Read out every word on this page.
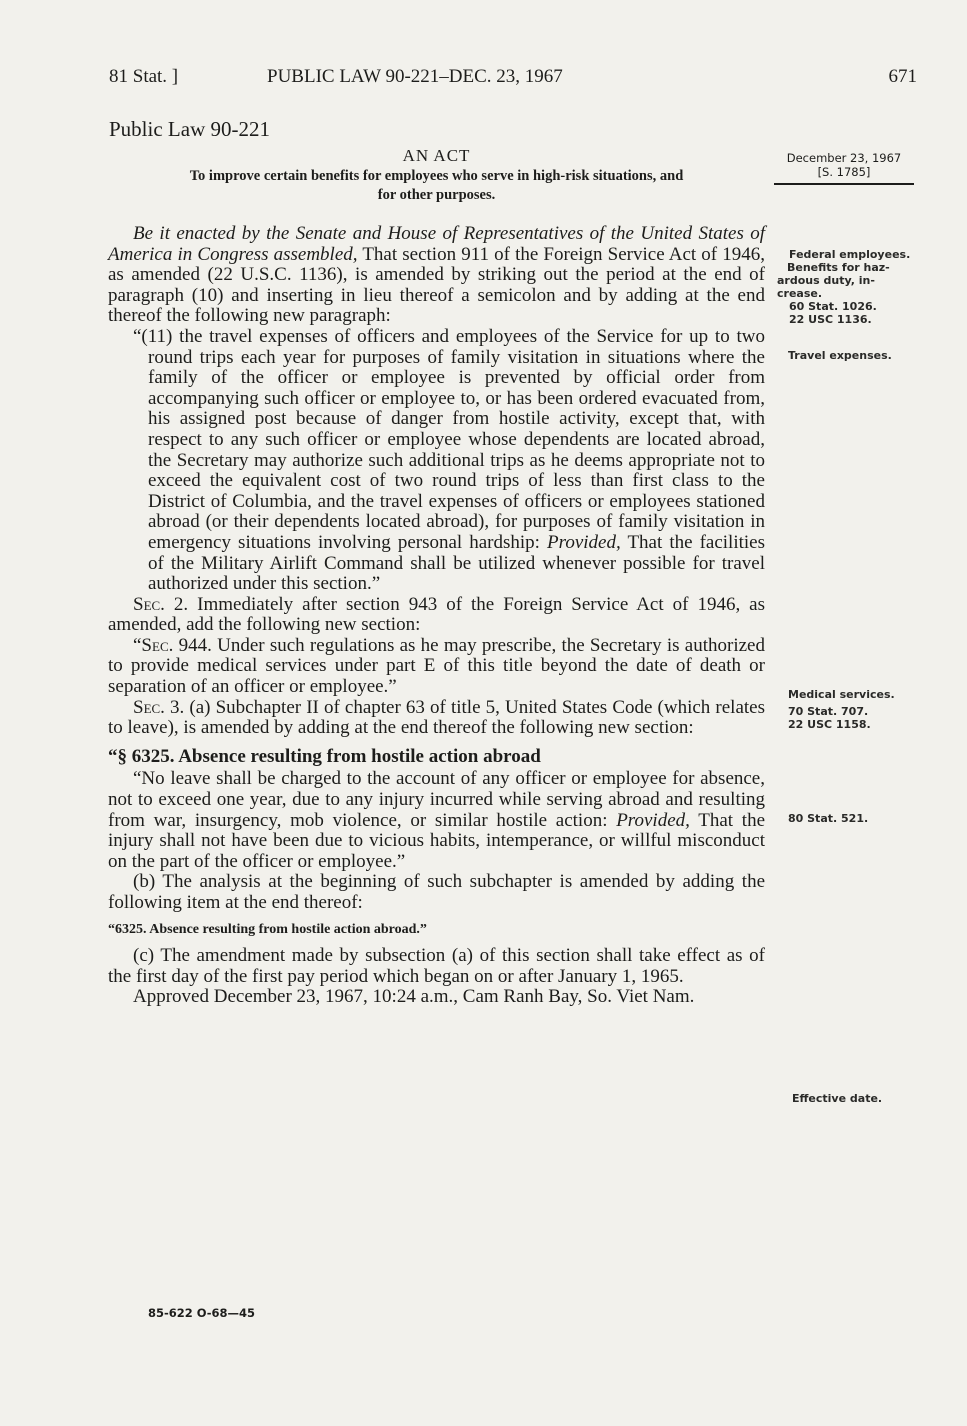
81 Stat. ]	PUBLIC LAW 90-221–DEC. 23, 1967	671
Public Law 90-221
AN ACT
To improve certain benefits for employees who serve in high-risk situations, and
for other purposes.
December 23, 1967
[S. 1785]

Be it enacted by the Senate and House of Representatives of the United States of America in Congress assembled, That section 911 of the Foreign Service Act of 1946, as amended (22 U.S.C. 1136), is amended by striking out the period at the end of paragraph (10) and inserting in lieu thereof a semicolon and by adding at the end thereof the following new paragraph:

“(11) the travel expenses of officers and employees of the Service for up to two round trips each year for purposes of family visitation in situations where the family of the officer or employee is prevented by official order from accompanying such officer or employee to, or has been ordered evacuated from, his assigned post because of danger from hostile activity, except that, with respect to any such officer or employee whose dependents are located abroad, the Secretary may authorize such additional trips as he deems appropriate not to exceed the equivalent cost of two round trips of less than first class to the District of Columbia, and the travel expenses of officers or employees stationed abroad (or their dependents located abroad), for purposes of family visitation in emergency situations involving personal hardship: Provided, That the facilities of the Military Airlift Command shall be utilized whenever possible for travel authorized under this section.”

Sec. 2. Immediately after section 943 of the Foreign Service Act of 1946, as amended, add the following new section:

“Sec. 944. Under such regulations as he may prescribe, the Secretary is authorized to provide medical services under part E of this title beyond the date of death or separation of an officer or employee.”

Sec. 3. (a) Subchapter II of chapter 63 of title 5, United States Code (which relates to leave), is amended by adding at the end thereof the following new section:

“§ 6325. Absence resulting from hostile action abroad

“No leave shall be charged to the account of any officer or employee for absence, not to exceed one year, due to any injury incurred while serving abroad and resulting from war, insurgency, mob violence, or similar hostile action: Provided, That the injury shall not have been due to vicious habits, intemperance, or willful misconduct on the part of the officer or employee.”

(b) The analysis at the beginning of such subchapter is amended by adding the following item at the end thereof:

“6325. Absence resulting from hostile action abroad.”

(c) The amendment made by subsection (a) of this section shall take effect as of the first day of the first pay period which began on or after January 1, 1965.

Approved December 23, 1967, 10:24 a.m., Cam Ranh Bay, So. Viet Nam.

Federal employees.
Benefits for haz-
ardous duty, in-
crease.
60 Stat. 1026.
22 USC 1136.
Travel expenses.
Medical services.
70 Stat. 707.
22 USC 1158.
80 Stat. 521.
Effective date.
85-622 O-68—45
